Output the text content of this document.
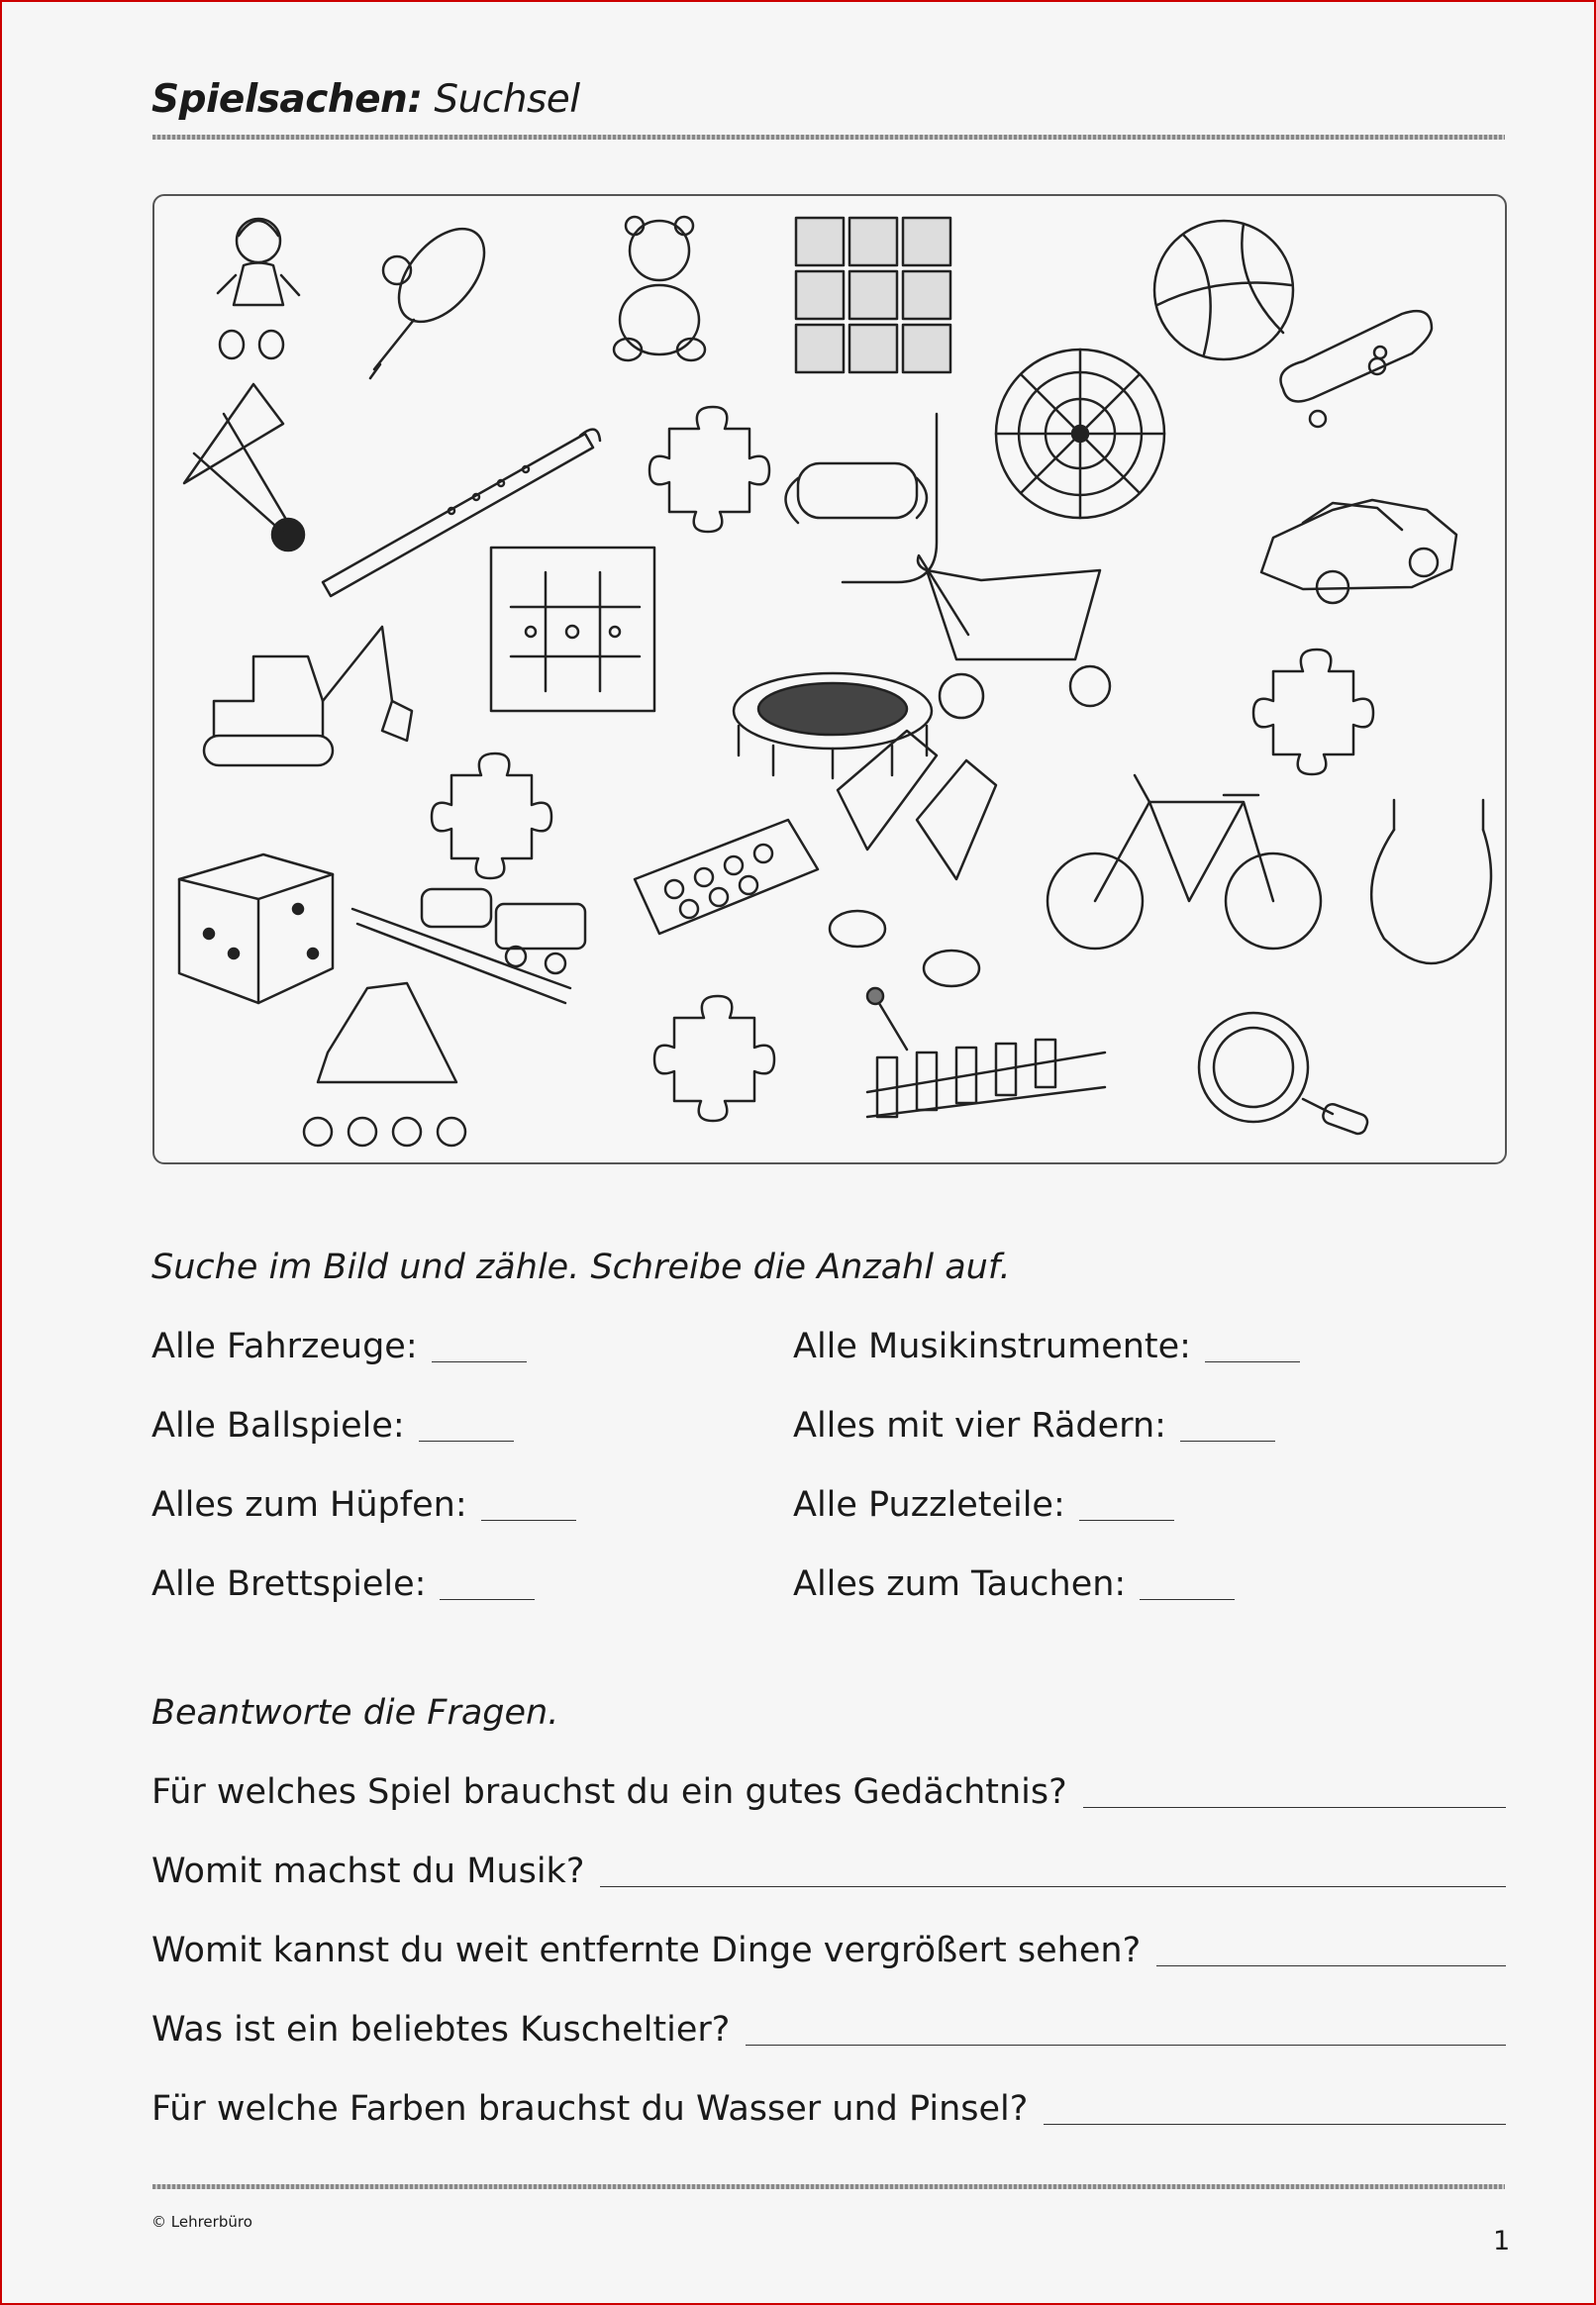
Spielsachen: Suchsel
Suche im Bild und zähle. Schreibe die Anzahl auf.
Alle Fahrzeuge:
Alle Ballspiele:
Alles zum Hüpfen:
Alle Brettspiele:
Alle Musikinstrumente:
Alles mit vier Rädern:
Alle Puzzleteile:
Alles zum Tauchen:
Beantworte die Fragen.
Für welches Spiel brauchst du ein gutes Gedächtnis?
Womit machst du Musik?
Womit kannst du weit entfernte Dinge vergrößert sehen?
Was ist ein beliebtes Kuscheltier?
Für welche Farben brauchst du Wasser und Pinsel?
© Lehrerbüro
1
